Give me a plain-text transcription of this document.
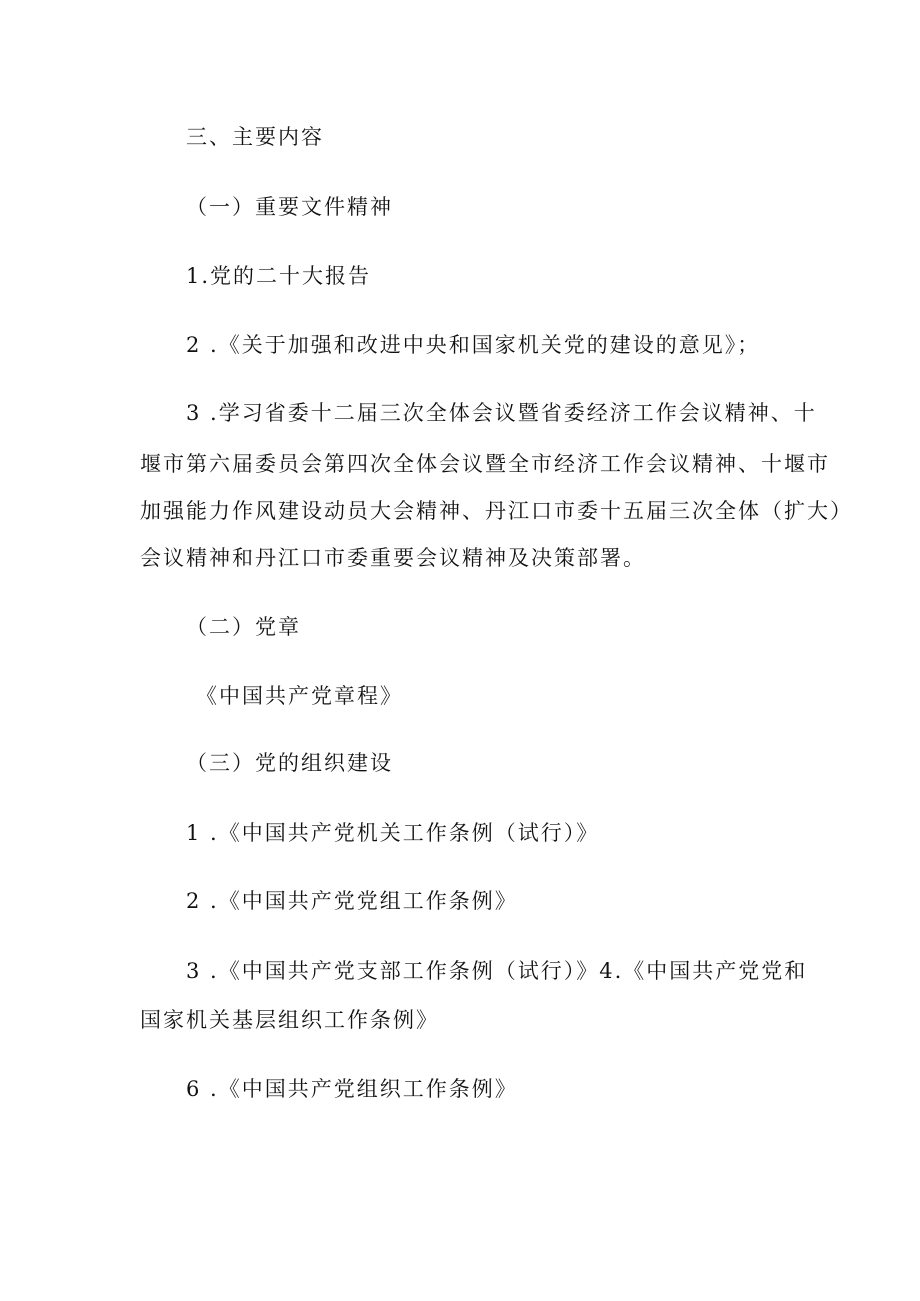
三、主要内容
（一）重要文件精神
1.党的二十大报告
2 .《关于加强和改进中央和国家机关党的建设的意见》；
3 .学习省委十二届三次全体会议暨省委经济工作会议精神、十
堰市第六届委员会第四次全体会议暨全市经济工作会议精神、十堰市
加强能力作风建设动员大会精神、丹江口市委十五届三次全体（扩大）
会议精神和丹江口市委重要会议精神及决策部署。
（二）党章
《中国共产党章程》
（三）党的组织建设
1 .《中国共产党机关工作条例（试行）》
2 .《中国共产党党组工作条例》
3 .《中国共产党支部工作条例（试行）》4.《中国共产党党和
国家机关基层组织工作条例》
6 .《中国共产党组织工作条例》
